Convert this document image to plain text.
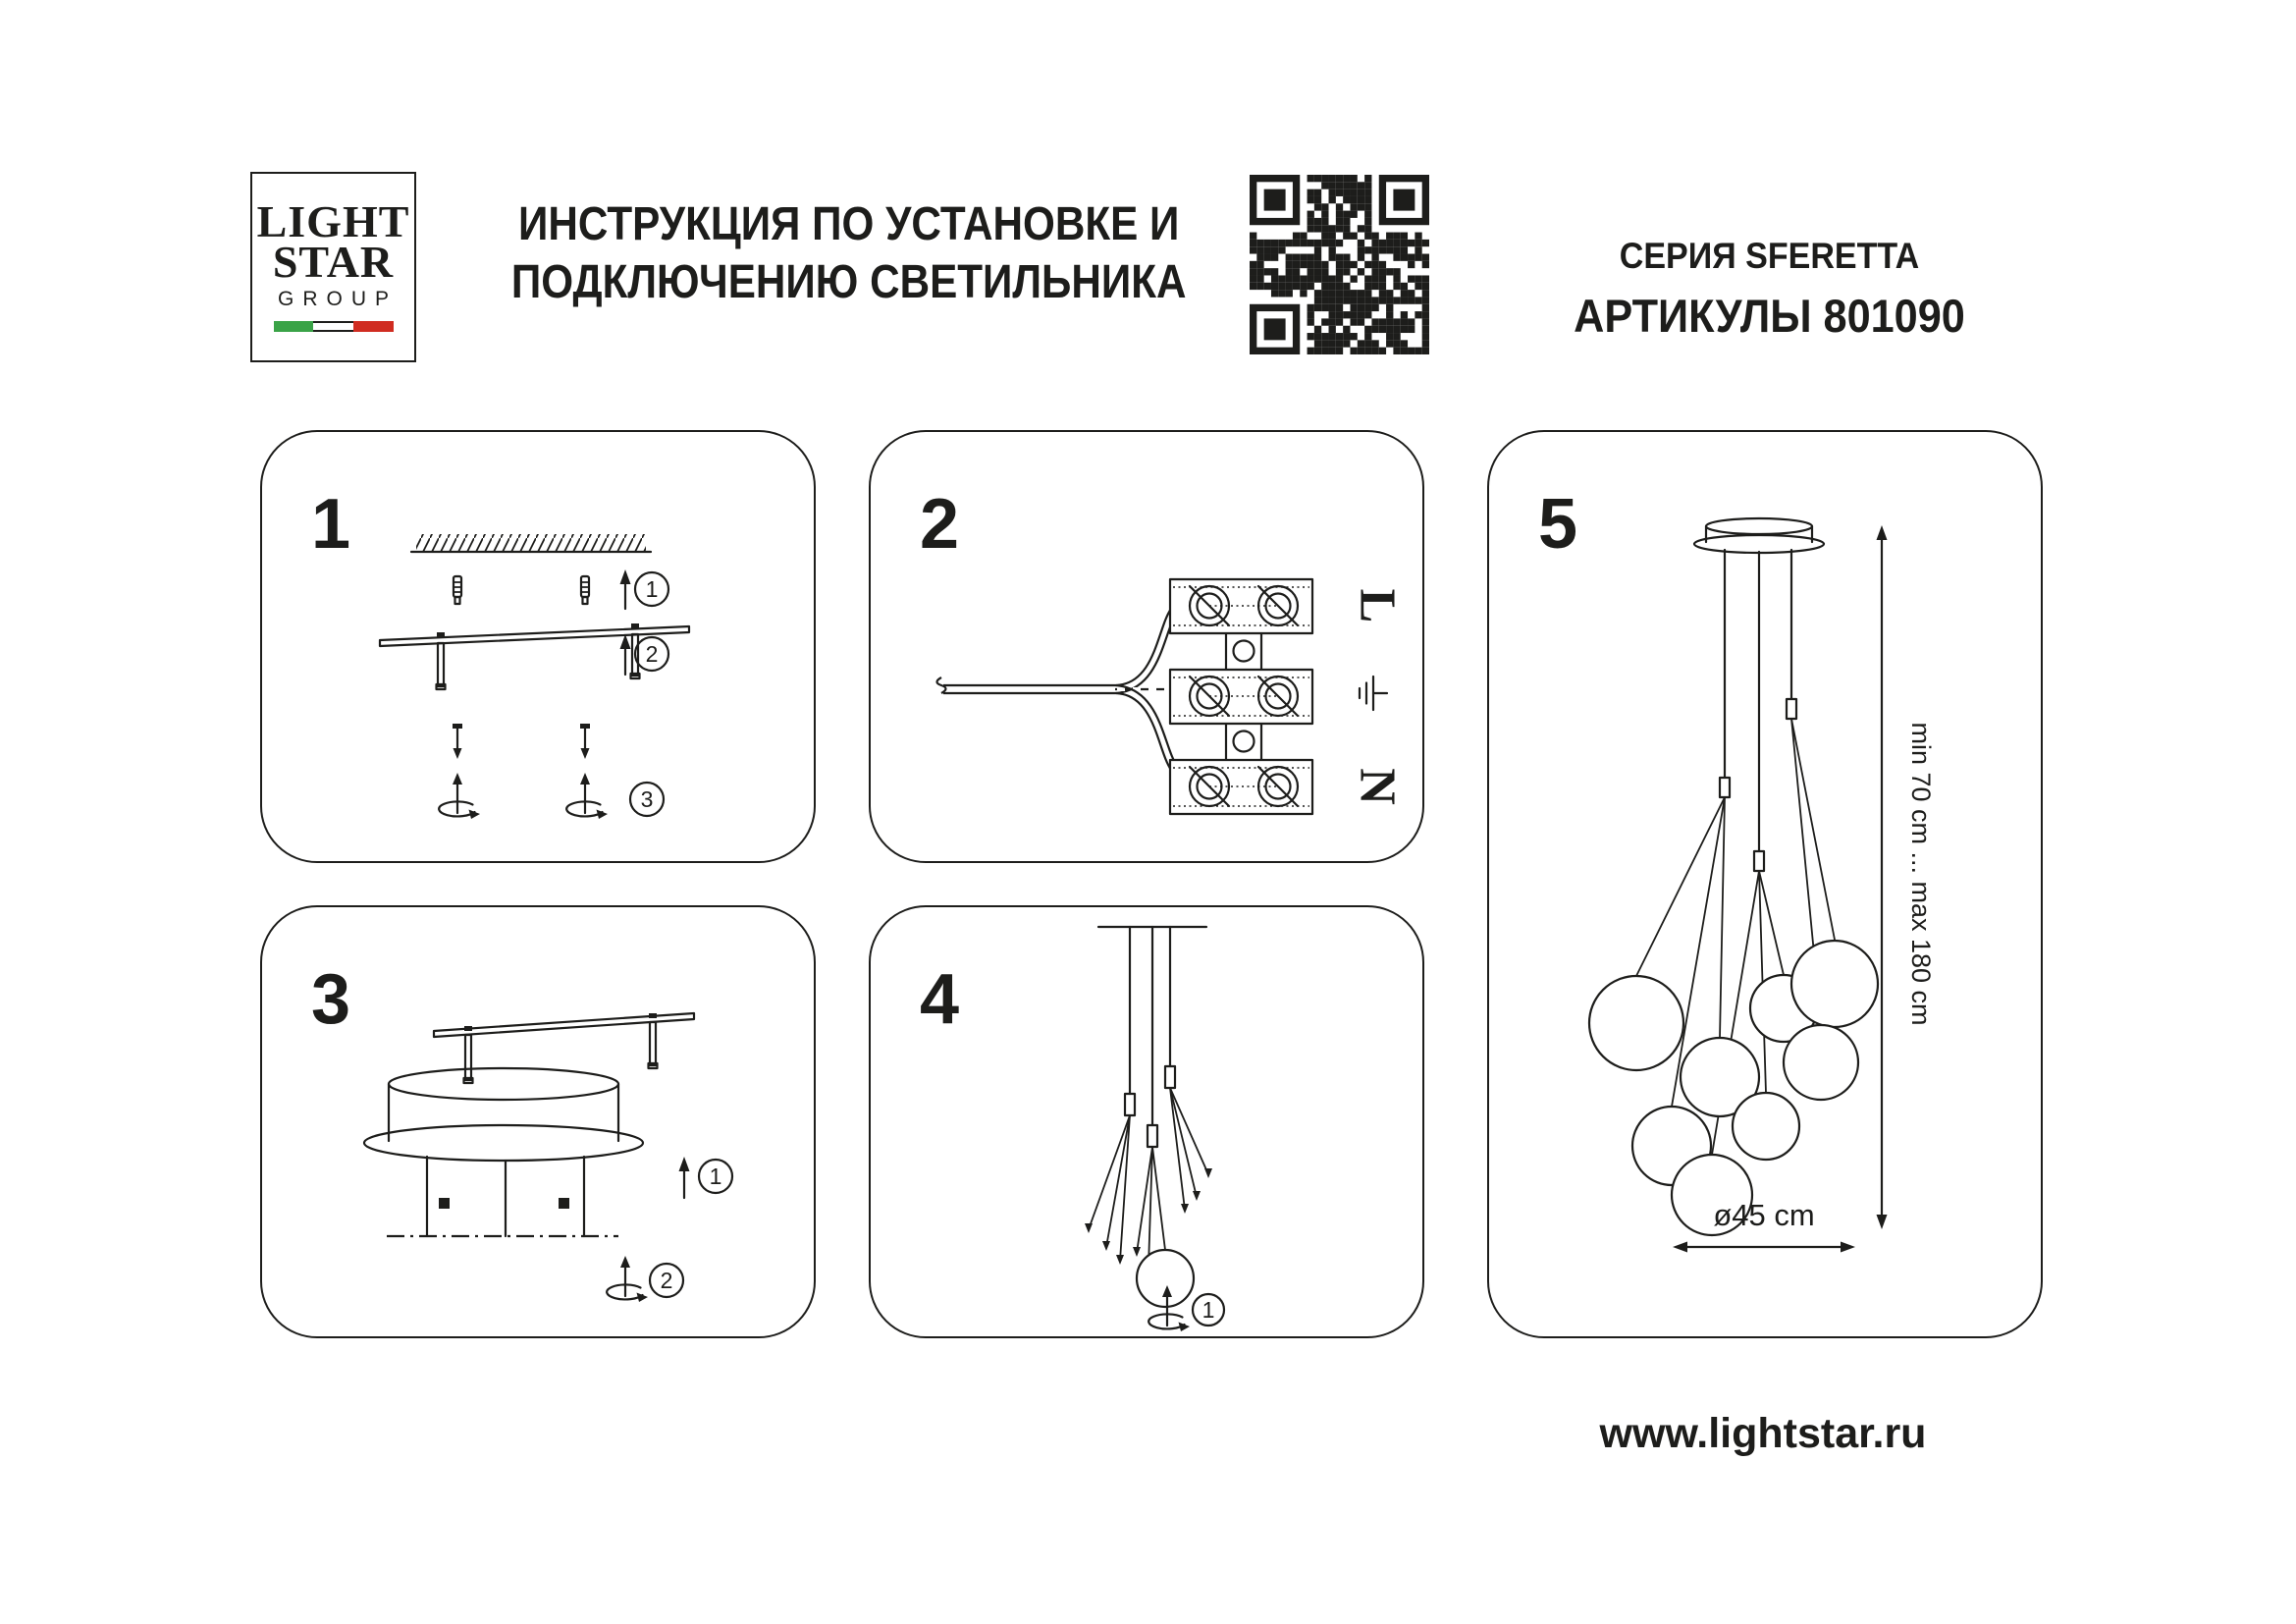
LIGHT
STAR
GROUP
ИНСТРУКЦИЯ ПО УСТАНОВКЕ И
ПОДКЛЮЧЕНИЮ СВЕТИЛЬНИКА
СЕРИЯ SFERETTA
АРТИКУЛЫ 801090
1
1
2
3
2
L
N
3
1
2
4
1
5
min 70 cm ... max 180 cm
ø45 cm
www.lightstar.ru
